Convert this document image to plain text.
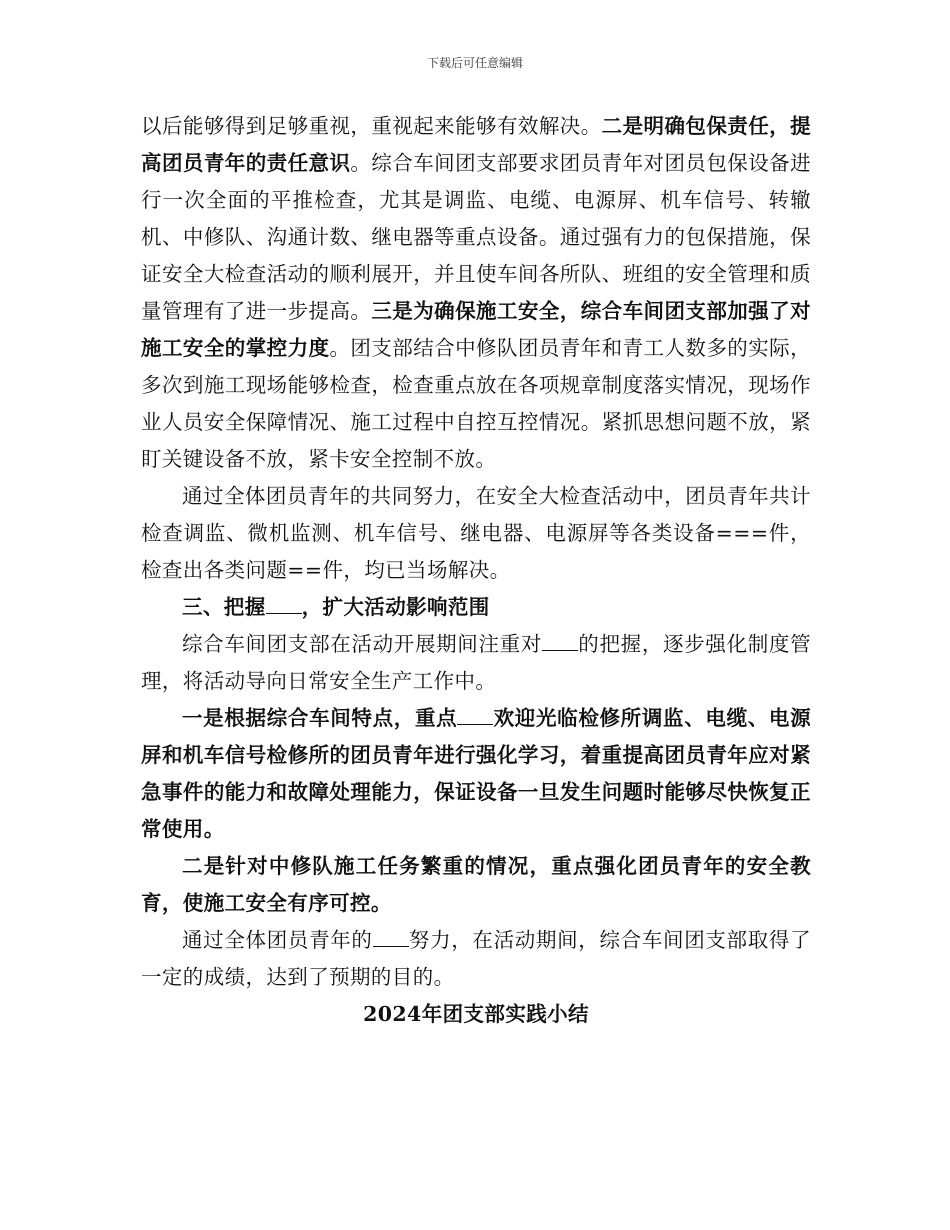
下载后可任意编辑

以后能够得到足够重视，重视起来能够有效解决。二是明确包保责任，提高团员青年的责任意识。综合车间团支部要求团员青年对团员包保设备进行一次全面的平推检查，尤其是调监、电缆、电源屏、机车信号、转辙机、中修队、沟通计数、继电器等重点设备。通过强有力的包保措施，保证安全大检查活动的顺利展开，并且使车间各所队、班组的安全管理和质量管理有了进一步提高。三是为确保施工安全，综合车间团支部加强了对施工安全的掌控力度。团支部结合中修队团员青年和青工人数多的实际，多次到施工现场能够检查，检查重点放在各项规章制度落实情况，现场作业人员安全保障情况、施工过程中自控互控情况。紧抓思想问题不放，紧盯关键设备不放，紧卡安全控制不放。

通过全体团员青年的共同努力，在安全大检查活动中，团员青年共计检查调监、微机监测、机车信号、继电器、电源屏等各类设备===件，检查出各类问题==件，均已当场解决。

三、把握 ，扩大活动影响范围

综合车间团支部在活动开展期间注重对 的把握，逐步强化制度管理，将活动导向日常安全生产工作中。

一是根据综合车间特点，重点 欢迎光临检修所调监、电缆、电源屏和机车信号检修所的团员青年进行强化学习，着重提高团员青年应对紧急事件的能力和故障处理能力，保证设备一旦发生问题时能够尽快恢复正常使用。

二是针对中修队施工任务繁重的情况，重点强化团员青年的安全教育，使施工安全有序可控。

通过全体团员青年的 努力，在活动期间，综合车间团支部取得了一定的成绩，达到了预期的目的。

2024年团支部实践小结
